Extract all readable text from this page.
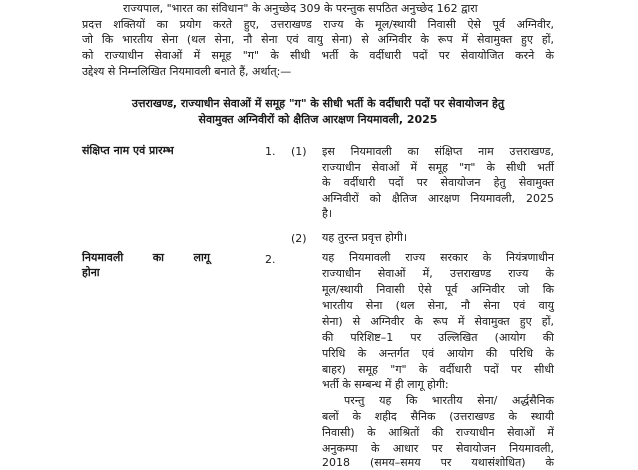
राज्यपाल, "भारत का संविधान" के अनुच्छेद 309 के परन्तुक सपठित अनुच्छेद 162 द्वारा
प्रदत्त शक्तियों का प्रयोग करते हुए, उत्तराखण्ड राज्य के मूल/स्थायी निवासी ऐसे पूर्व अग्निवीर,
जो कि भारतीय सेना (थल सेना, नौ सेना एवं वायु सेना) से अग्निवीर के रूप में सेवामुक्त हुए हों,
को राज्याधीन सेवाओं में समूह "ग" के सीधी भर्ती के वर्दीधारी पदों पर सेवायोजित करने के
उद्देश्य से निम्नलिखित नियमावली बनाते हैं, अर्थात्:—
उत्तराखण्ड, राज्याधीन सेवाओं में समूह "ग" के सीधी भर्ती के वर्दीधारी पदों पर सेवायोजन हेतु
सेवामुक्त अग्निवीरों को क्षैतिज आरक्षण नियमावली, 2025
संक्षिप्त नाम एवं प्रारम्भ	1. (1) इस नियमावली का संक्षिप्त नाम उत्तराखण्ड,
राज्याधीन सेवाओं में समूह "ग" के सीधी भर्ती
के वर्दीधारी पदों पर सेवायोजन हेतु सेवामुक्त
अग्निवीरों को क्षैतिज आरक्षण नियमावली, 2025
है।
(2) यह तुरन्त प्रवृत्त होगी।
नियमावली का लागू
होना
2.	यह नियमावली राज्य सरकार के नियंत्रणाधीन
राज्याधीन सेवाओं में, उत्तराखण्ड राज्य के
मूल/स्थायी निवासी ऐसे पूर्व अग्निवीर जो कि
भारतीय सेना (थल सेना, नौ सेना एवं वायु
सेना) से अग्निवीर के रूप में सेवामुक्त हुए हों,
की परिशिष्ट–1 पर उल्लिखित (आयोग की
परिधि के अन्तर्गत एवं आयोग की परिधि के
बाहर) समूह "ग" के वर्दीधारी पदों पर सीधी
भर्ती के सम्बन्ध में ही लागू होगी:
परन्तु यह कि भारतीय सेना/ अर्द्धसैनिक
बलों के शहीद सैनिक (उत्तराखण्ड के स्थायी
निवासी) के आश्रितों की राज्याधीन सेवाओं में
अनुकम्पा के आधार पर सेवायोजन नियमावली,
2018 (समय–समय पर यथासंशोधित) के
